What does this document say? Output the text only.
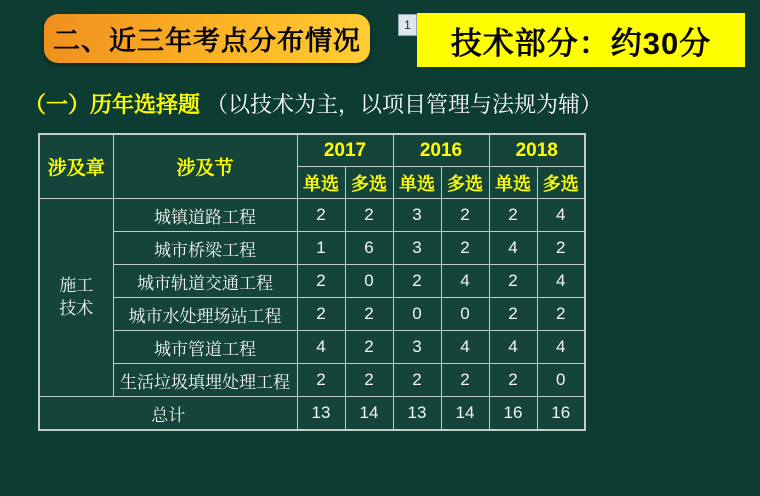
二、近三年考点分布情况
1
技术部分：约30分
（一）历年选择题 （以技术为主，以项目管理与法规为辅）
涉及章	涉及节	2017		2016		2018	
		单选	多选	单选	多选	单选	多选

施工
技术	城镇道路工程	2	2	3	2	2	4
	城市桥梁工程	1	6	3	2	4	2
	城市轨道交通工程	2	0	2	4	2	4
	城市水处理场站工程	2	2	0	0	2	2
	城市管道工程	4	2	3	4	4	4
	生活垃圾填埋处理工程	2	2	2	2	2	0
总计		13	14	13	14	16	16
